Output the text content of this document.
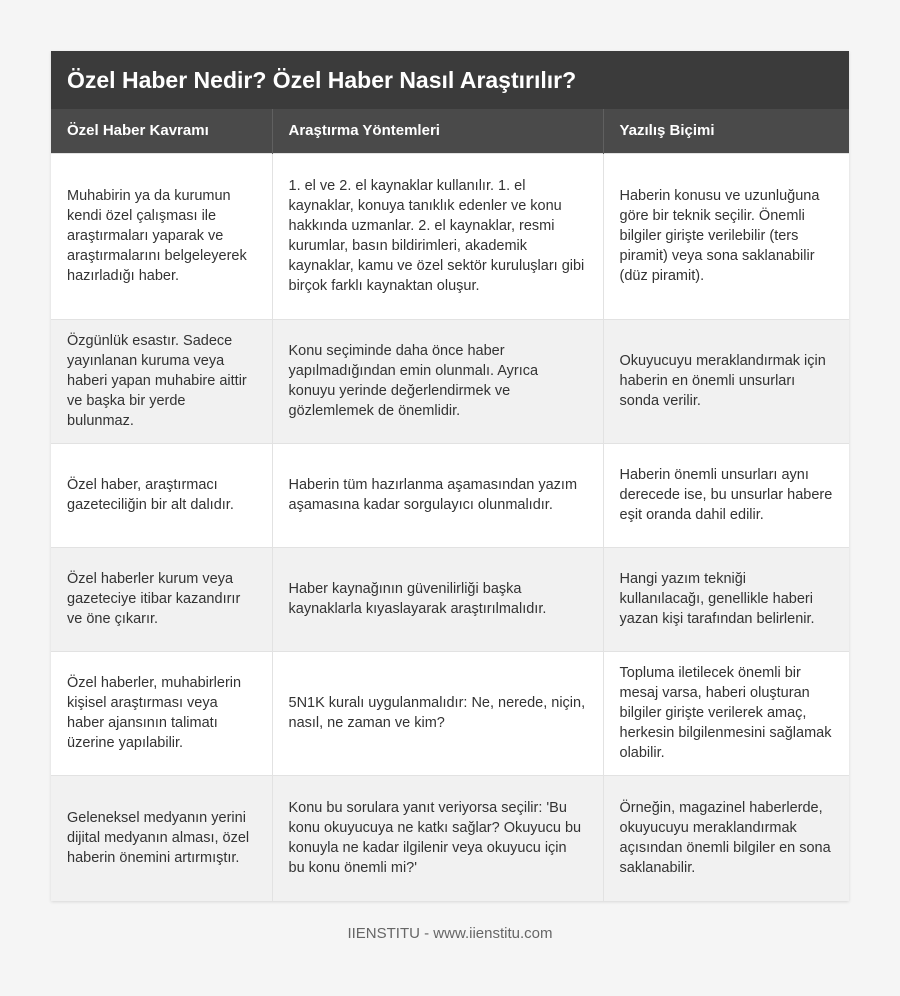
Özel Haber Nedir? Özel Haber Nasıl Araştırılır?
Özel Haber Kavramı	Araştırma Yöntemleri	Yazılış Biçimi
Muhabirin ya da kurumun kendi özel çalışması ile araştırmaları yaparak ve araştırmalarını belgeleyerek hazırladığı haber.	1. el ve 2. el kaynaklar kullanılır. 1. el kaynaklar, konuya tanıklık edenler ve konu hakkında uzmanlar. 2. el kaynaklar, resmi kurumlar, basın bildirimleri, akademik kaynaklar, kamu ve özel sektör kuruluşları gibi birçok farklı kaynaktan oluşur.	Haberin konusu ve uzunluğuna göre bir teknik seçilir. Önemli bilgiler girişte verilebilir (ters piramit) veya sona saklanabilir (düz piramit).
Özgünlük esastır. Sadece yayınlanan kuruma veya haberi yapan muhabire aittir ve başka bir yerde bulunmaz.	Konu seçiminde daha önce haber yapılmadığından emin olunmalı. Ayrıca konuyu yerinde değerlendirmek ve gözlemlemek de önemlidir.	Okuyucuyu meraklandırmak için haberin en önemli unsurları sonda verilir.
Özel haber, araştırmacı gazeteciliğin bir alt dalıdır.	Haberin tüm hazırlanma aşamasından yazım aşamasına kadar sorgulayıcı olunmalıdır.	Haberin önemli unsurları aynı derecede ise, bu unsurlar habere eşit oranda dahil edilir.
Özel haberler kurum veya gazeteciye itibar kazandırır ve öne çıkarır.	Haber kaynağının güvenilirliği başka kaynaklarla kıyaslayarak araştırılmalıdır.	Hangi yazım tekniği kullanılacağı, genellikle haberi yazan kişi tarafından belirlenir.
Özel haberler, muhabirlerin kişisel araştırması veya haber ajansının talimatı üzerine yapılabilir.	5N1K kuralı uygulanmalıdır: Ne, nerede, niçin, nasıl, ne zaman ve kim?	Topluma iletilecek önemli bir mesaj varsa, haberi oluşturan bilgiler girişte verilerek amaç, herkesin bilgilenmesini sağlamak olabilir.
Geleneksel medyanın yerini dijital medyanın alması, özel haberin önemini artırmıştır.	Konu bu sorulara yanıt veriyorsa seçilir: 'Bu konu okuyucuya ne katkı sağlar? Okuyucu bu konuyla ne kadar ilgilenir veya okuyucu için bu konu önemli mi?'	Örneğin, magazinel haberlerde, okuyucuyu meraklandırmak açısından önemli bilgiler en sona saklanabilir.
IIENSTITU - www.iienstitu.com
